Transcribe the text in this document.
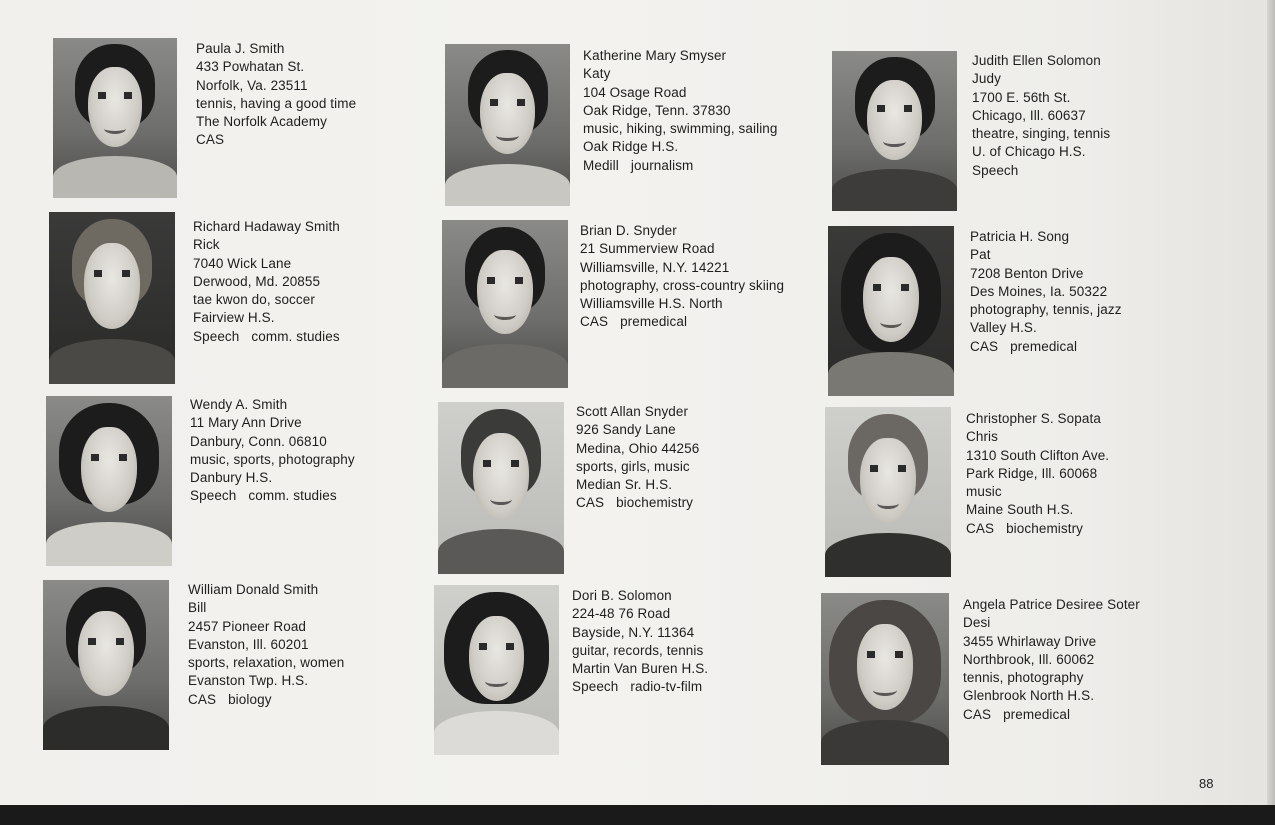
Paula J. Smith
433 Powhatan St.
Norfolk, Va. 23511
tennis, having a good time
The Norfolk Academy
CAS
Richard Hadaway Smith
Rick
7040 Wick Lane
Derwood, Md. 20855
tae kwon do, soccer
Fairview H.S.
Speech comm. studies
Wendy A. Smith
11 Mary Ann Drive
Danbury, Conn. 06810
music, sports, photography
Danbury H.S.
Speech comm. studies
William Donald Smith
Bill
2457 Pioneer Road
Evanston, Ill. 60201
sports, relaxation, women
Evanston Twp. H.S.
CAS biology
Katherine Mary Smyser
Katy
104 Osage Road
Oak Ridge, Tenn. 37830
music, hiking, swimming, sailing
Oak Ridge H.S.
Medill journalism
Brian D. Snyder
21 Summerview Road
Williamsville, N.Y. 14221
photography, cross-country skiing
Williamsville H.S. North
CAS premedical
Scott Allan Snyder
926 Sandy Lane
Medina, Ohio 44256
sports, girls, music
Median Sr. H.S.
CAS biochemistry
Dori B. Solomon
224-48 76 Road
Bayside, N.Y. 11364
guitar, records, tennis
Martin Van Buren H.S.
Speech radio-tv-film
Judith Ellen Solomon
Judy
1700 E. 56th St.
Chicago, Ill. 60637
theatre, singing, tennis
U. of Chicago H.S.
Speech
Patricia H. Song
Pat
7208 Benton Drive
Des Moines, Ia. 50322
photography, tennis, jazz
Valley H.S.
CAS premedical
Christopher S. Sopata
Chris
1310 South Clifton Ave.
Park Ridge, Ill. 60068
music
Maine South H.S.
CAS biochemistry
Angela Patrice Desiree Soter
Desi
3455 Whirlaway Drive
Northbrook, Ill. 60062
tennis, photography
Glenbrook North H.S.
CAS premedical
88
